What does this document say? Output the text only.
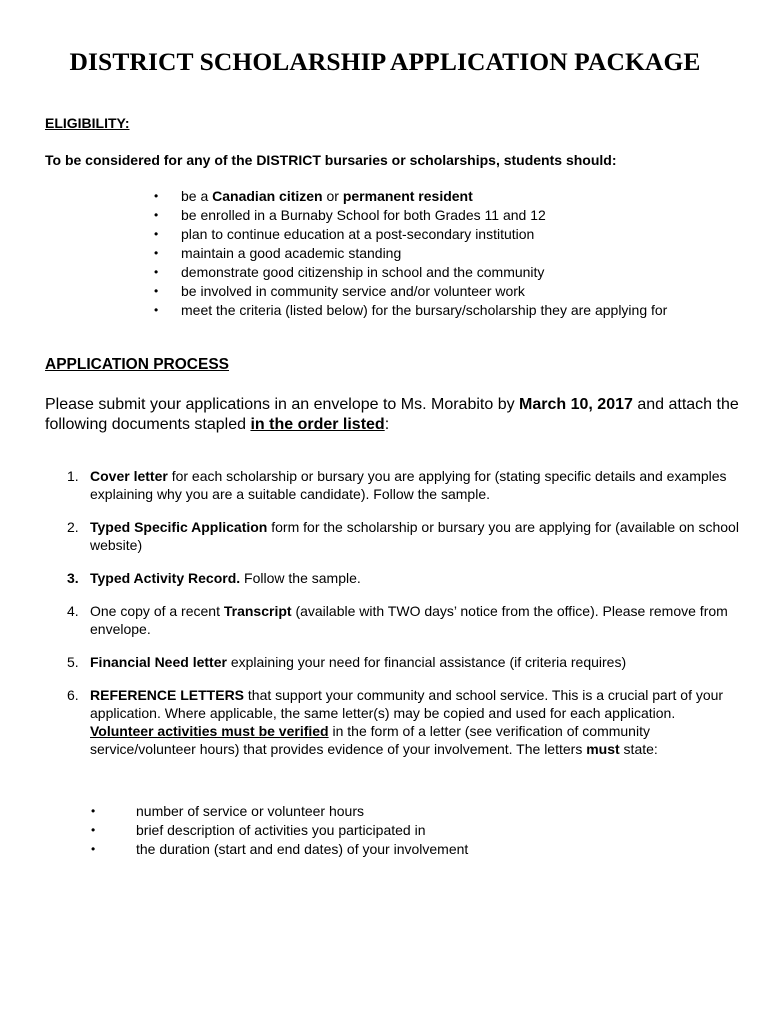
DISTRICT SCHOLARSHIP APPLICATION PACKAGE
ELIGIBILITY:
To be considered for any of the DISTRICT bursaries or scholarships, students should:
• be a Canadian citizen or permanent resident
• be enrolled in a Burnaby School for both Grades 11 and 12
• plan to continue education at a post-secondary institution
• maintain a good academic standing
• demonstrate good citizenship in school and the community
• be involved in community service and/or volunteer work
• meet the criteria (listed below) for the bursary/scholarship they are applying for
APPLICATION PROCESS
Please submit your applications in an envelope to Ms. Morabito by March 10, 2017 and attach the following documents stapled in the order listed:
1. Cover letter for each scholarship or bursary you are applying for (stating specific details and examples explaining why you are a suitable candidate). Follow the sample.
2. Typed Specific Application form for the scholarship or bursary you are applying for (available on school website)
3. Typed Activity Record. Follow the sample.
4. One copy of a recent Transcript (available with TWO days’ notice from the office). Please remove from envelope.
5. Financial Need letter explaining your need for financial assistance (if criteria requires)
6. REFERENCE LETTERS that support your community and school service. This is a crucial part of your application. Where applicable, the same letter(s) may be copied and used for each application. Volunteer activities must be verified in the form of a letter (see verification of community service/volunteer hours) that provides evidence of your involvement. The letters must state:
•	number of service or volunteer hours
•	brief description of activities you participated in
•	the duration (start and end dates) of your involvement
